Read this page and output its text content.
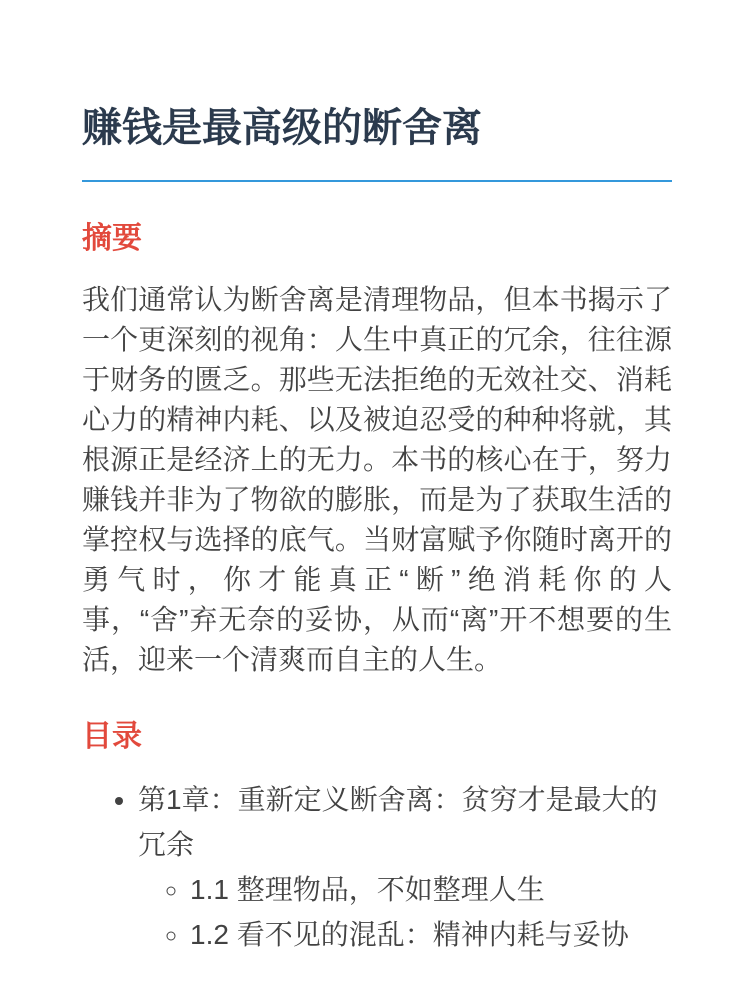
赚钱是最高级的断舍离
摘要

我们通常认为断舍离是清理物品，但本书揭示了一个更深刻的视角：人生中真正的冗余，往往源于财务的匮乏。那些无法拒绝的无效社交、消耗心力的精神内耗、以及被迫忍受的种种将就，其根源正是经济上的无力。本书的核心在于，努力赚钱并非为了物欲的膨胀，而是为了获取生活的掌控权与选择的底气。当财富赋予你随时离开的勇气时，你才能真正“断”绝消耗你的人事，“舍”弃无奈的妥协，从而“离”开不想要的生活，迎来一个清爽而自主的人生。

目录
• 第1章：重新定义断舍离：贫穷才是最大的冗余
◦ 1.1 整理物品，不如整理人生
◦ 1.2 看不见的混乱：精神内耗与妥协
